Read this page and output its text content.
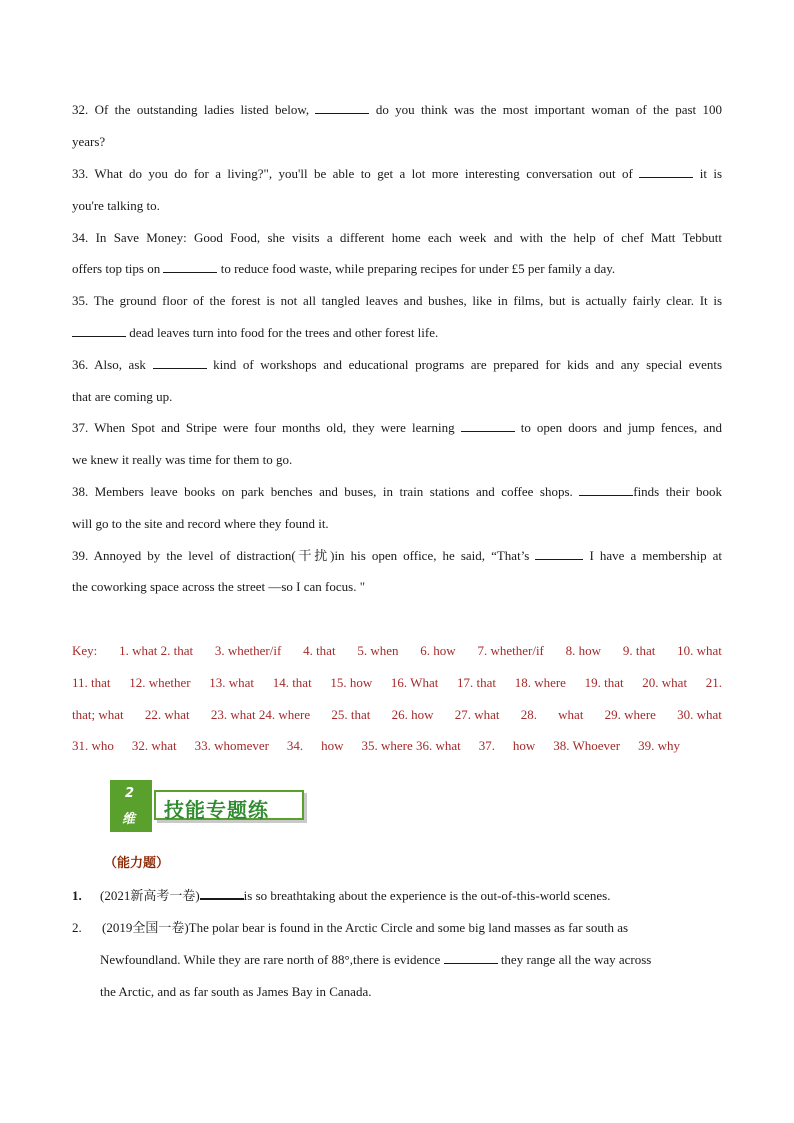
32. Of the outstanding ladies listed below,	do you think was the most important woman of the past 100
years?
33. What do you do for a living?", you'll be able to get a lot more interesting conversation out of	it is
you're talking to.
34. In Save Money: Good Food, she visits a different home each week and with the help of chef Matt Tebbutt
offers top tips on	to reduce food waste, while preparing recipes for under £5 per family a day.
35. The ground floor of the forest is not all tangled leaves and bushes, like in films, but is actually fairly clear. It is
dead leaves turn into food for the trees and other forest life.
36. Also, ask	kind of workshops and educational programs are prepared for kids and any special events
that are coming up.
37. When Spot and Stripe were four months old, they were learning	to open doors and jump fences, and
we knew it really was time for them to go.
38. Members leave books on park benches and buses, in train stations and coffee shops.	finds their book
will go to the site and record where they found it.
39. Annoyed by the level of distraction(干扰)in his open office, he said, “That’s	I have a membership at
the coworking space across the street —so I can focus. "
Key: 1. what 2. that 3. whether/if 4. that 5. when 6. how 7. whether/if 8. how 9. that 10. what
11. that 12. whether 13. what 14. that 15. how 16. What 17. that 18. where 19. that 20. what 21.
that; what 22. what 23. what 24. where 25. that 26. how 27. what 28. what 29. where 30. what
31. who 32. what 33. whomever 34. how 35. where 36. what 37. how 38. Whoever 39. why
2
维 技能专题练
（能力题）
1. (2021新高考一卷)	is so breathtaking about the experience is the out-of-this-world scenes.
2. (2019全国一卷)The polar bear is found in the Arctic Circle and some big land masses as far south as
Newfoundland. While they are rare north of 88°,there is evidence	they range all the way across
the Arctic, and as far south as James Bay in Canada.
